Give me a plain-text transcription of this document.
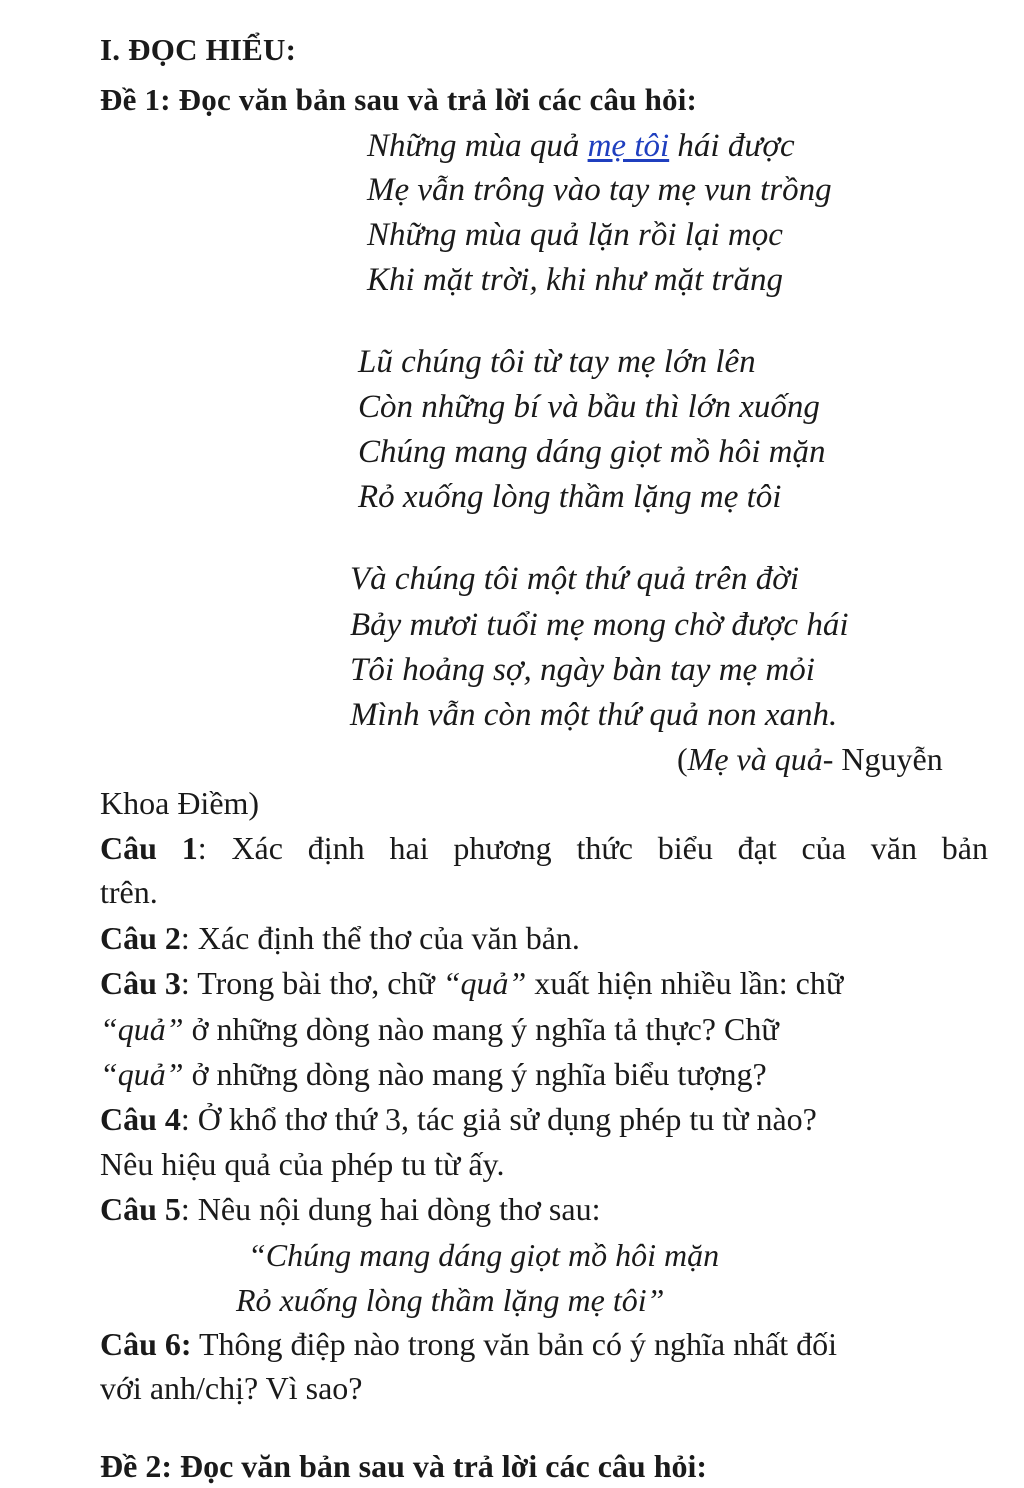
I. ĐỌC HIỂU:
Đề 1: Đọc văn bản sau và trả lời các câu hỏi:
Những mùa quả mẹ tôi hái được
Mẹ vẫn trông vào tay mẹ vun trồng
Những mùa quả lặn rồi lại mọc
Khi mặt trời, khi như mặt trăng
Lũ chúng tôi từ tay mẹ lớn lên
Còn những bí và bầu thì lớn xuống
Chúng mang dáng giọt mồ hôi mặn
Rỏ xuống lòng thầm lặng mẹ tôi
Và chúng tôi một thứ quả trên đời
Bảy mươi tuổi mẹ mong chờ được hái
Tôi hoảng sợ, ngày bàn tay mẹ mỏi
Mình vẫn còn một thứ quả non xanh.
(Mẹ và quả- Nguyễn
Khoa Điềm)
Câu 1: Xác định hai phương thức biểu đạt của văn bản
trên.
Câu 2: Xác định thể thơ của văn bản.
Câu 3: Trong bài thơ, chữ “quả” xuất hiện nhiều lần: chữ
“quả” ở những dòng nào mang ý nghĩa tả thực? Chữ
“quả” ở những dòng nào mang ý nghĩa biểu tượng?
Câu 4: Ở khổ thơ thứ 3, tác giả sử dụng phép tu từ nào?
Nêu hiệu quả của phép tu từ ấy.
Câu 5: Nêu nội dung hai dòng thơ sau:
“Chúng mang dáng giọt mồ hôi mặn
Rỏ xuống lòng thầm lặng mẹ tôi”
Câu 6: Thông điệp nào trong văn bản có ý nghĩa nhất đối
với anh/chị? Vì sao?
Đề 2: Đọc văn bản sau và trả lời các câu hỏi:
